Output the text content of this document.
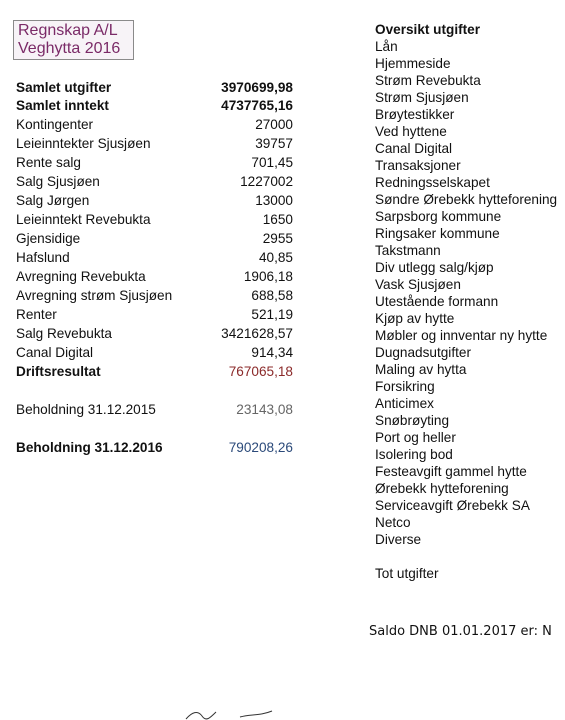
Regnskap A/L
Veghytta 2016
Samlet utgifter	3970699,98
Samlet inntekt	4737765,16
Kontingenter	27000
Leieinntekter Sjusjøen	39757
Rente salg	701,45
Salg Sjusjøen	1227002
Salg Jørgen	13000
Leieinntekt Revebukta	1650
Gjensidige	2955
Hafslund	40,85
Avregning Revebukta	1906,18
Avregning strøm Sjusjøen	688,58
Renter	521,19
Salg Revebukta	3421628,57
Canal Digital	914,34
Driftsresultat	767065,18
Beholdning 31.12.2015	23143,08
Beholdning 31.12.2016	790208,26
Oversikt utgifter
Lån
Hjemmeside
Strøm Revebukta
Strøm Sjusjøen
Brøytestikker
Ved hyttene
Canal Digital
Transaksjoner
Redningsselskapet
Søndre Ørebekk hytteforening
Sarpsborg kommune
Ringsaker kommune
Takstmann
Div utlegg salg/kjøp
Vask Sjusjøen
Utestående formann
Kjøp av hytte
Møbler og innventar ny hytte
Dugnadsutgifter
Maling av hytta
Forsikring
Anticimex
Snøbrøyting
Port og heller
Isolering bod
Festeavgift gammel hytte
Ørebekk hytteforening
Serviceavgift Ørebekk SA
Netco
Diverse
Tot utgifter
Saldo DNB 01.01.2017 er: N
